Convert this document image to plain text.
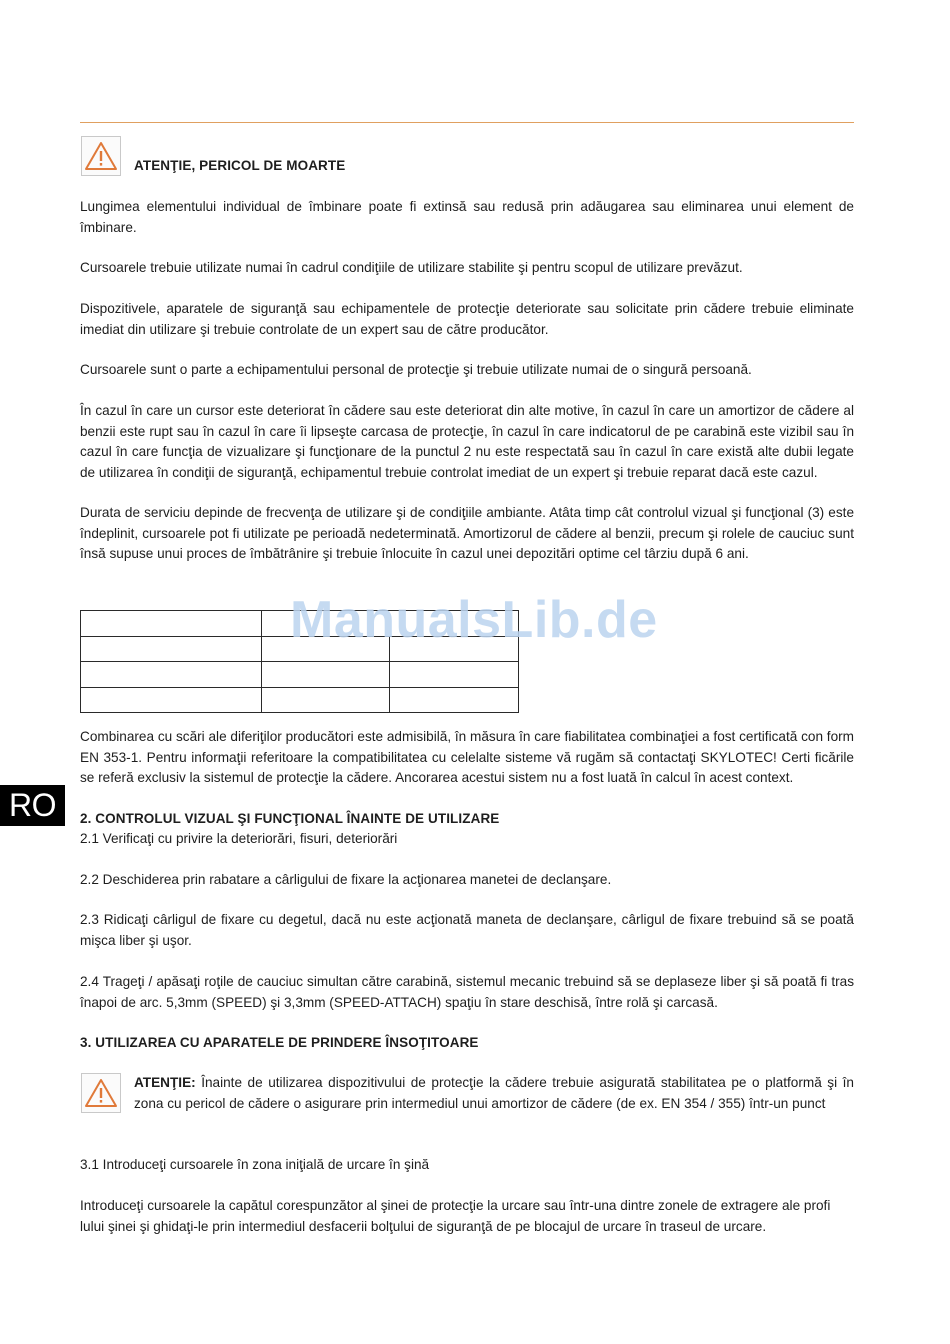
ATENŢIE, PERICOL DE MOARTE

Lungimea elementului individual de îmbinare poate fi extinsă sau redusă prin adăugarea sau eliminarea unui element de îmbinare.

Cursoarele trebuie utilizate numai în cadrul condiţiile de utilizare stabilite şi pentru scopul de utilizare prevăzut.

Dispozitivele, aparatele de siguranţă sau echipamentele de protecţie deteriorate sau solicitate prin cădere trebuie eliminate imediat din utilizare şi trebuie controlate de un expert sau de către producător.

Cursoarele sunt o parte a echipamentului personal de protecţie şi trebuie utilizate numai de o singură persoană.

În cazul în care un cursor este deteriorat în cădere sau este deteriorat din alte motive, în cazul în care un amortizor de cădere al benzii este rupt sau în cazul în care îi lipseşte carcasa de protecţie, în cazul în care indicatorul de pe carabină este vizibil sau în cazul în care funcţia de vizualizare şi funcţionare de la punctul 2 nu este respectată sau în cazul în care există alte dubii legate de utilizarea în condiţii de siguranţă, echipamentul trebuie controlat imediat de un expert şi trebuie reparat dacă este cazul.

Durata de serviciu depinde de frecvenţa de utilizare şi de condiţiile ambiante. Atâta timp cât controlul vizual şi funcţional (3) este îndeplinit, cursoarele pot fi utilizate pe perioadă nedeterminată. Amortizorul de cădere al benzii, precum şi rolele de cauciuc sunt însă supuse unui proces de îmbătrânire şi trebuie înlocuite în cazul unei depozitări optime cel târziu după 6 ani.

ManualsLib.de

Combinarea cu scări ale diferiţilor producători este admisibilă, în măsura în care fiabilitatea combinaţiei a fost certificată con form EN 353-1. Pentru informaţii referitoare la compatibilitatea cu celelalte sisteme vă rugăm să contactaţi SKYLOTEC! Certi ficările se referă exclusiv la sistemul de protecţie la cădere. Ancorarea acestui sistem nu a fost luată în calcul în acest context.

RO	2. CONTROLUL VIZUAL ŞI FUNCŢIONAL ÎNAINTE DE UTILIZARE

2.1 Verificaţi cu privire la deteriorări, fisuri, deteriorări

2.2 Deschiderea prin rabatare a cârligului de fixare la acţionarea manetei de declanşare.

2.3 Ridicaţi cârligul de fixare cu degetul, dacă nu este acţionată maneta de declanşare, cârligul de fixare trebuind să se poată mişca liber şi uşor.

2.4 Trageţi / apăsaţi roţile de cauciuc simultan către carabină, sistemul mecanic trebuind să se deplaseze liber şi să poată fi tras înapoi de arc. 5,3mm (SPEED) şi 3,3mm (SPEED-ATTACH) spaţiu în stare deschisă, între rolă şi carcasă.

3. UTILIZAREA CU APARATELE DE PRINDERE ÎNSOŢITOARE

ATENŢIE: Înainte de utilizarea dispozitivului de protecţie la cădere trebuie asigurată stabilitatea pe o platformă şi în zona cu pericol de cădere o asigurare prin intermediul unui amortizor de cădere (de ex. EN 354 / 355) într-un punct

3.1 Introduceţi cursoarele în zona iniţială de urcare în şină

Introduceţi cursoarele la capătul corespunzător al şinei de protecţie la urcare sau într-una dintre zonele de extragere ale profi lului şinei şi ghidaţi-le prin intermediul desfacerii bolţului de siguranţă de pe blocajul de urcare în traseul de urcare.
